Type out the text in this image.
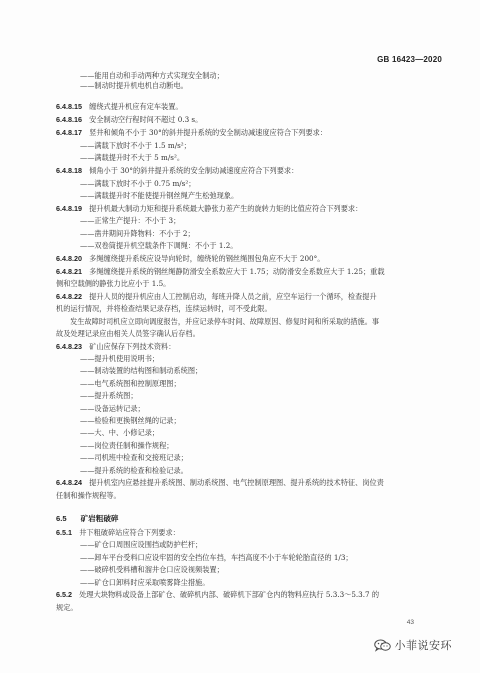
GB 16423—2020
——能用自动和手动两种方式实现安全制动；
——制动时提升机电机自动断电。
6.4.8.15　缠绕式提升机应有定车装置。
6.4.8.16　安全制动空行程时间不超过 0.3 s。
6.4.8.17　竖井和倾角不小于 30°的斜井提升系统的安全制动减速度应符合下列要求：
——满载下放时不小于 1.5 m/s²；
——满载提升时不大于 5 m/s²。
6.4.8.18　倾角小于 30°的斜井提升系统的安全制动减速度应符合下列要求：
——满载下放时不小于 0.75 m/s²；
——满载提升时不能使提升钢丝绳产生松弛现象。
6.4.8.19　提升机最大制动力矩和提升系统最大静张力差产生的旋转力矩的比值应符合下列要求：
——正常生产提升：不小于 3；
——凿井期间升降物料：不小于 2；
——双卷筒提升机空载条件下调绳：不小于 1.2。
6.4.8.20　多绳缠绕提升系统应设导向轮时，缠绕轮的钢丝绳围包角应不大于 200°。
6.4.8.21　多绳缠绕提升系统的钢丝绳静防滑安全系数应大于 1.75；动防滑安全系数应大于 1.25；重载
侧和空载侧的静张力比应小于 1.5。
6.4.8.22　提升人员的提升机应由人工控制启动，每班升降人员之前，应空车运行一个循环，检查提升
机的运行情况，并将检查结果记录存档，连续运转时，可不受此限。
发生故障时司机应立即向调度报告，并应记录停车时间、故障原因、修复时间和所采取的措施。事
故及处理记录应由相关人员签字确认后存档。
6.4.8.23　矿山应保存下列技术资料：
——提升机使用说明书；
——制动装置的结构图和制动系统图；
——电气系统图和控制原理图；
——提升系统图；
——设备运转记录；
——检验和更换钢丝绳的记录；
——大、中、小修记录；
——岗位责任制和操作规程；
——司机班中检查和交接班记录；
——提升系统的检查和检验记录。
6.4.8.24　提升机室内应悬挂提升系统图、制动系统图、电气控制原理图、提升系统的技术特征、岗位责
任制和操作规程等。
6.5 矿岩粗破碎
6.5.1　井下粗破碎站应符合下列要求：
——矿仓口周围应设围挡或防护栏杆；
——卸车平台受料口应设牢固的安全挡位车挡，车挡高度不小于车轮轮胎直径的 1/3；
——破碎机受料槽和溜井仓口应设视频装置；
——矿仓口卸料时应采取喷雾降尘措施。
6.5.2　处理大块物料或设备上部矿仓、破碎机内部、破碎机下部矿仓内的物料应执行 5.3.3～5.3.7 的
规定。
43
小菲说安环
